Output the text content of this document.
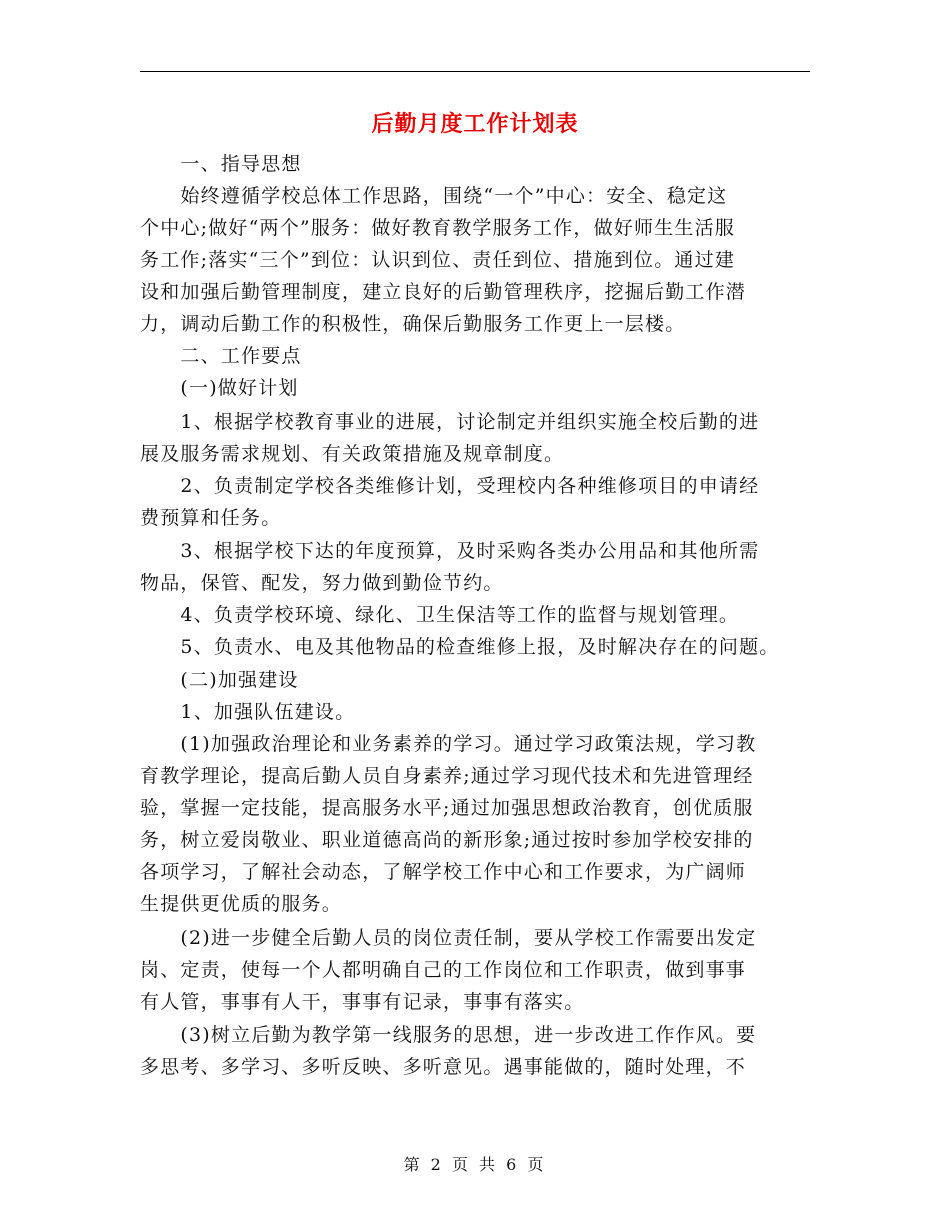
后勤月度工作计划表
　　一、指导思想
　　始终遵循学校总体工作思路，围绕“一个”中心：安全、稳定这
个中心;做好“两个”服务：做好教育教学服务工作，做好师生生活服
务工作;落实“三个”到位：认识到位、责任到位、措施到位。通过建
设和加强后勤管理制度，建立良好的后勤管理秩序，挖掘后勤工作潜
力，调动后勤工作的积极性，确保后勤服务工作更上一层楼。
　　二、工作要点
　　(一)做好计划
　　1、根据学校教育事业的进展，讨论制定并组织实施全校后勤的进
展及服务需求规划、有关政策措施及规章制度。
　　2、负责制定学校各类维修计划，受理校内各种维修项目的申请经
费预算和任务。
　　3、根据学校下达的年度预算，及时采购各类办公用品和其他所需
物品，保管、配发，努力做到勤俭节约。
　　4、负责学校环境、绿化、卫生保洁等工作的监督与规划管理。
　　5、负责水、电及其他物品的检查维修上报，及时解决存在的问题。
　　(二)加强建设
　　1、加强队伍建设。
　　(1)加强政治理论和业务素养的学习。通过学习政策法规，学习教
育教学理论，提高后勤人员自身素养;通过学习现代技术和先进管理经
验，掌握一定技能，提高服务水平;通过加强思想政治教育，创优质服
务，树立爱岗敬业、职业道德高尚的新形象;通过按时参加学校安排的
各项学习，了解社会动态，了解学校工作中心和工作要求，为广阔师
生提供更优质的服务。
　　(2)进一步健全后勤人员的岗位责任制，要从学校工作需要出发定
岗、定责，使每一个人都明确自己的工作岗位和工作职责，做到事事
有人管，事事有人干，事事有记录，事事有落实。
　　(3)树立后勤为教学第一线服务的思想，进一步改进工作作风。要
多思考、多学习、多听反映、多听意见。遇事能做的，随时处理，不
第 2 页 共 6 页
